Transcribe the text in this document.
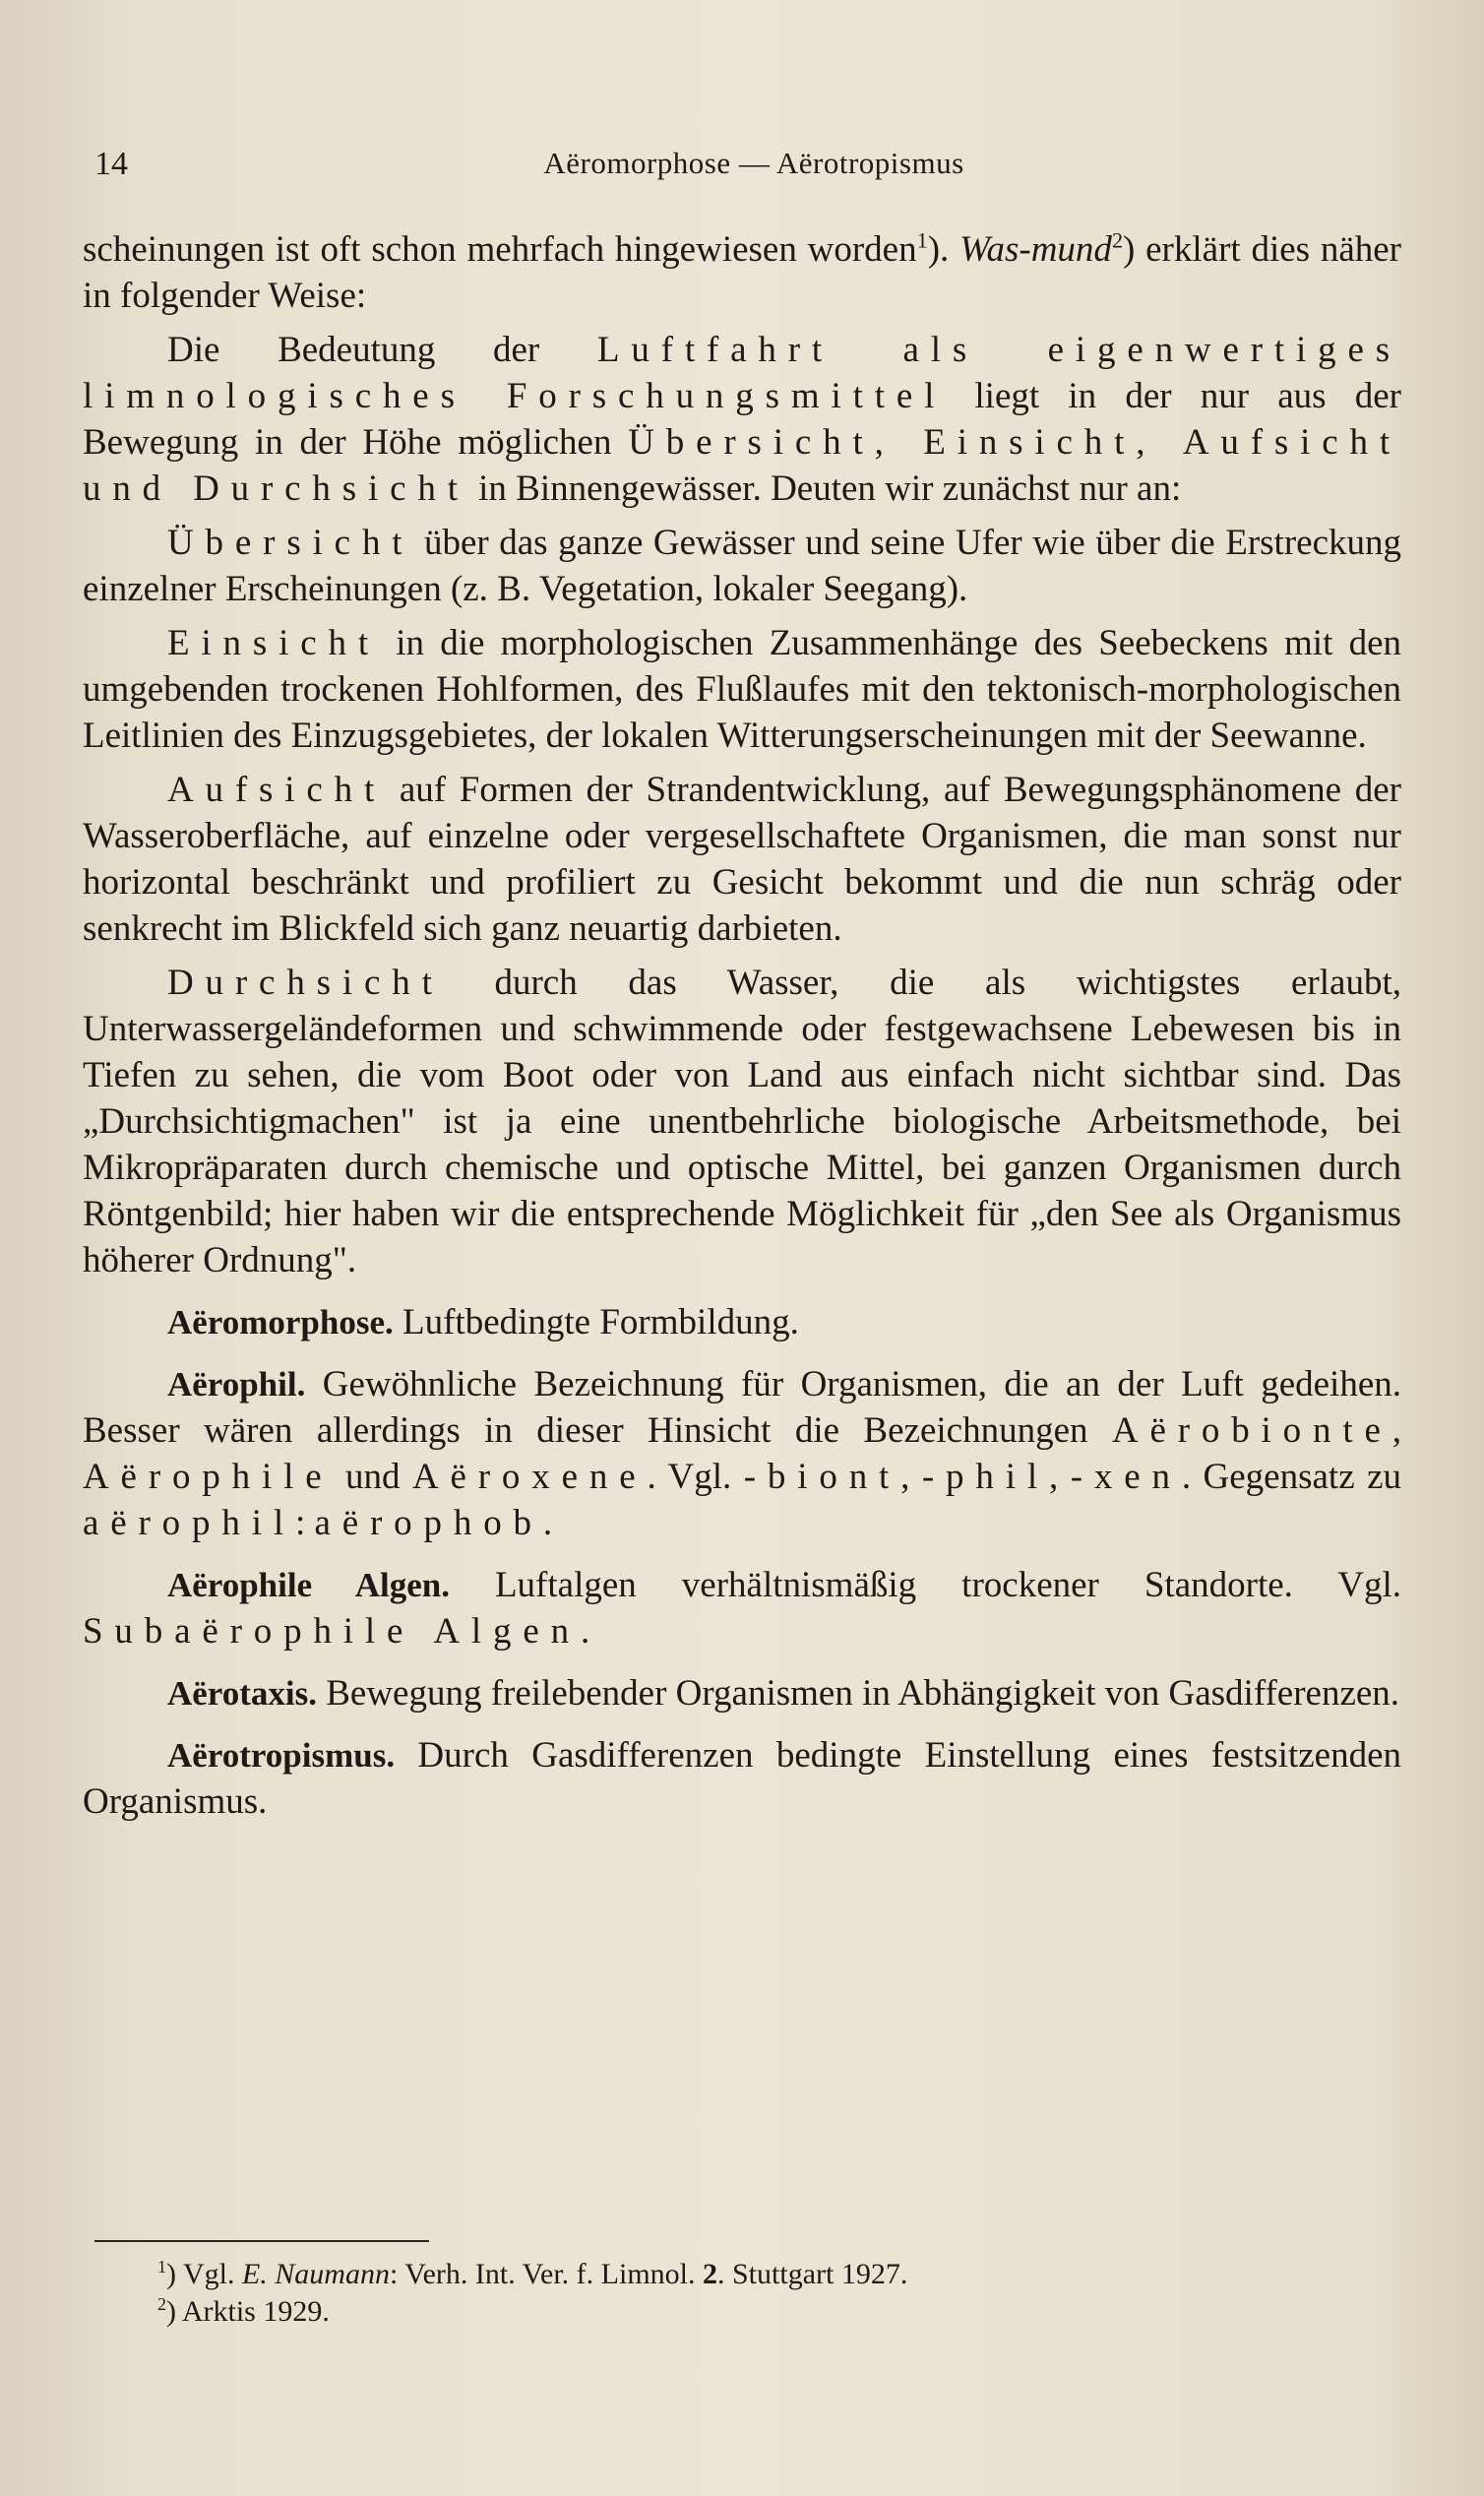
14	Aëromorphose — Aërotropismus

scheinungen ist oft schon mehrfach hingewiesen worden$^1$). Was-mund$^2$) erklärt dies näher in folgender Weise:

Die Bedeutung der Luftfahrt als eigenwertiges limnologisches Forschungsmittel liegt in der nur aus der Bewegung in der Höhe möglichen Übersicht, Einsicht, Aufsicht und Durchsicht in Binnengewässer. Deuten wir zunächst nur an:

Übersicht über das ganze Gewässer und seine Ufer wie über die Erstreckung einzelner Erscheinungen (z. B. Vegetation, lokaler Seegang).

Einsicht in die morphologischen Zusammenhänge des Seebeckens mit den umgebenden trockenen Hohlformen, des Flußlaufes mit den tektonisch-morphologischen Leitlinien des Einzugsgebietes, der lokalen Witterungserscheinungen mit der Seewanne.

Aufsicht auf Formen der Strandentwicklung, auf Bewegungsphänomene der Wasseroberfläche, auf einzelne oder vergesellschaftete Organismen, die man sonst nur horizontal beschränkt und profiliert zu Gesicht bekommt und die nun schräg oder senkrecht im Blickfeld sich ganz neuartig darbieten.

Durchsicht durch das Wasser, die als wichtigstes erlaubt, Unterwassergeländeformen und schwimmende oder festgewachsene Lebewesen bis in Tiefen zu sehen, die vom Boot oder von Land aus einfach nicht sichtbar sind. Das „Durchsichtigmachen" ist ja eine unentbehrliche biologische Arbeitsmethode, bei Mikropräparaten durch chemische und optische Mittel, bei ganzen Organismen durch Röntgenbild; hier haben wir die entsprechende Möglichkeit für „den See als Organismus höherer Ordnung".

Aëromorphose. Luftbedingte Formbildung.

Aërophil. Gewöhnliche Bezeichnung für Organismen, die an der Luft gedeihen. Besser wären allerdings in dieser Hinsicht die Bezeichnungen Aërobionte, Aërophile und Aëroxene. Vgl. -biont, -phil, -xen. Gegensatz zu aërophil: aërophob.

Aërophile Algen. Luftalgen verhältnismäßig trockener Standorte. Vgl. Subaërophile Algen.

Aërotaxis. Bewegung freilebender Organismen in Abhängigkeit von Gasdifferenzen.

Aërotropismus. Durch Gasdifferenzen bedingte Einstellung eines festsitzenden Organismus.

$^1$) Vgl. E. Naumann: Verh. Int. Ver. f. Limnol. 2. Stuttgart 1927.
$^2$) Arktis 1929.
